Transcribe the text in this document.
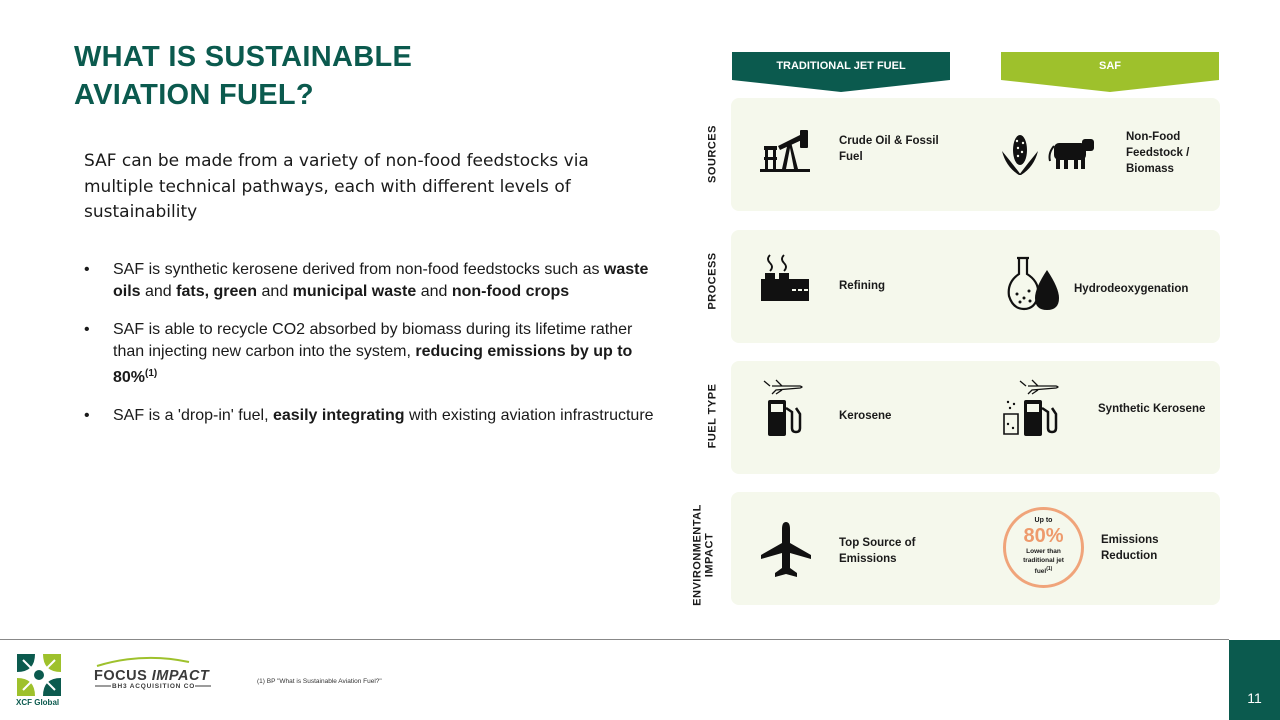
WHAT IS SUSTAINABLE
AVIATION FUEL?

SAF can be made from a variety of non-food feedstocks via multiple technical pathways, each with different levels of sustainability

• SAF is synthetic kerosene derived from non-food feedstocks such as waste oils and fats, green and municipal waste and non-food crops
• SAF is able to recycle CO2 absorbed by biomass during its lifetime rather than injecting new carbon into the system, reducing emissions by up to 80%$^{(1)}$
• SAF is a 'drop-in' fuel, easily integrating with existing aviation infrastructure
TRADITIONAL JET FUEL	SAF
SOURCES
PROCESS
FUEL TYPE
ENVIRONMENTAL IMPACT
Crude Oil & Fossil Fuel
Non-Food Feedstock / Biomass
Refining	Hydrodeoxygenation
Kerosene
Synthetic Kerosene
Top Source of Emissions
Up to
80%
Lower than
traditional jet
fuel$^{(1)}$
Emissions Reduction
XCF Global
FOCUS IMPACT
BH3 ACQUISITION CO
(1) BP "What is Sustainable Aviation Fuel?"
11
